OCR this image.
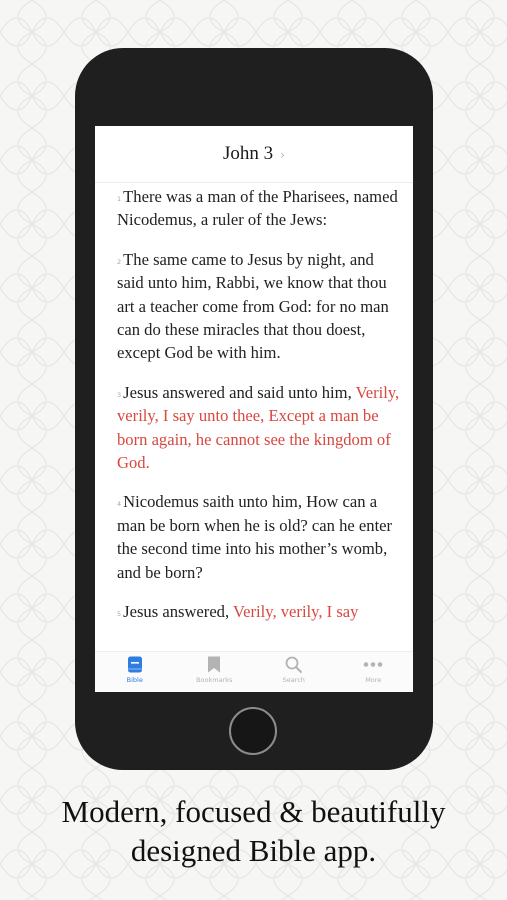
John 3 ›

$^1$ There was a man of the Pharisees, named Nicodemus, a ruler of the Jews:

$^2$ The same came to Jesus by night, and said unto him, Rabbi, we know that thou art a teacher come from God: for no man can do these miracles that thou doest, except God be with him.

$^3$ Jesus answered and said unto him, Verily, verily, I say unto thee, Except a man be born again, he cannot see the kingdom of God.

$^4$ Nicodemus saith unto him, How can a man be born when he is old? can he enter the second time into his mother’s womb, and be born?

$^5$ Jesus answered, Verily, verily, I say

Bible	Bookmarks	Search	More
Modern, focused & beautifully
designed Bible app.
